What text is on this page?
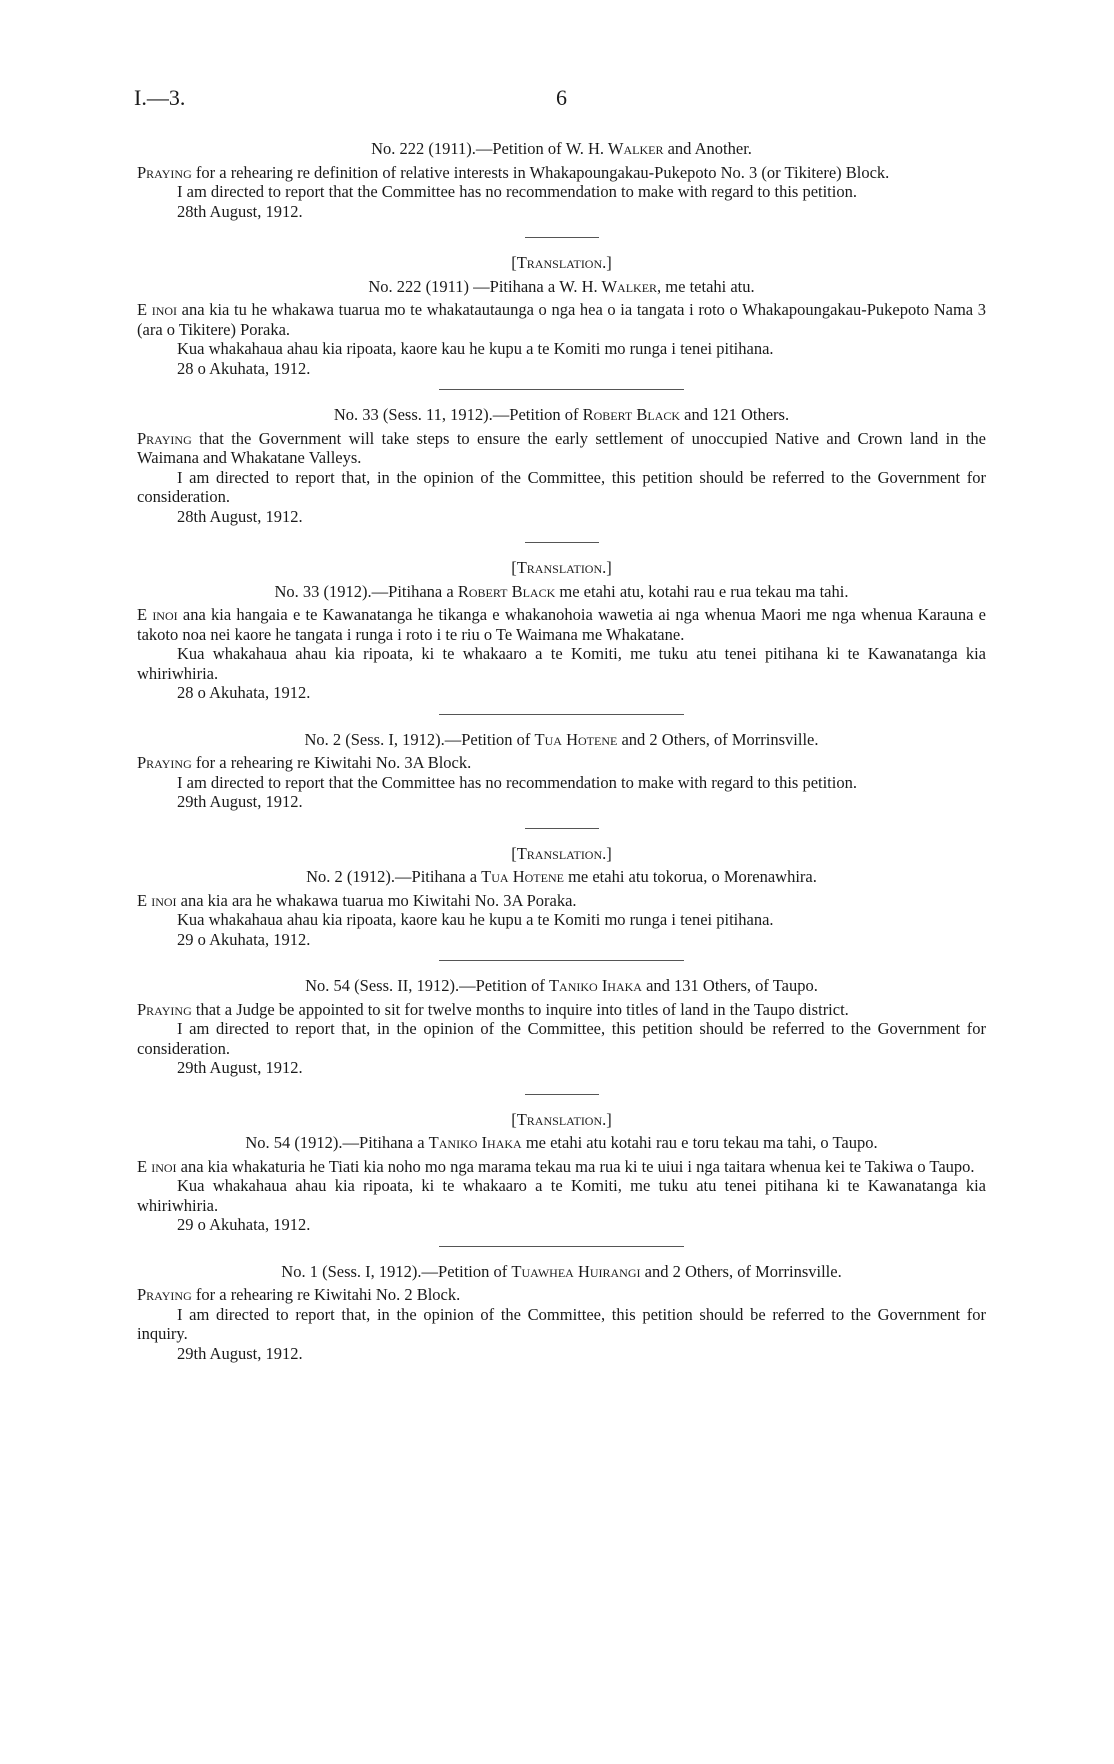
I.—3.	6

No. 222 (1911).—Petition of W. H. Walker and Another.

Praying for a rehearing re definition of relative interests in Whakapoungakau-Pukepoto No. 3 (or Tikitere) Block.

I am directed to report that the Committee has no recommendation to make with regard to this petition.

28th August, 1912.

[Translation.]

No. 222 (1911) —Pitihana a W. H. Walker, me tetahi atu.

E inoi ana kia tu he whakawa tuarua mo te whakatautaunga o nga hea o ia tangata i roto o Whakapoungakau-Pukepoto Nama 3 (ara o Tikitere) Poraka.

Kua whakahaua ahau kia ripoata, kaore kau he kupu a te Komiti mo runga i tenei pitihana.

28 o Akuhata, 1912.

No. 33 (Sess. 11, 1912).—Petition of Robert Black and 121 Others.

Praying that the Government will take steps to ensure the early settlement of unoccupied Native and Crown land in the Waimana and Whakatane Valleys.

I am directed to report that, in the opinion of the Committee, this petition should be referred to the Government for consideration.

28th August, 1912.

[Translation.]

No. 33 (1912).—Pitihana a Robert Black me etahi atu, kotahi rau e rua tekau ma tahi.

E inoi ana kia hangaia e te Kawanatanga he tikanga e whakanohoia wawetia ai nga whenua Maori me nga whenua Karauna e takoto noa nei kaore he tangata i runga i roto i te riu o Te Waimana me Whakatane.

Kua whakahaua ahau kia ripoata, ki te whakaaro a te Komiti, me tuku atu tenei pitihana ki te Kawanatanga kia whiriwhiria.

28 o Akuhata, 1912.

No. 2 (Sess. I, 1912).—Petition of Tua Hotene and 2 Others, of Morrinsville.

Praying for a rehearing re Kiwitahi No. 3A Block.

I am directed to report that the Committee has no recommendation to make with regard to this petition.

29th August, 1912.

[Translation.]

No. 2 (1912).—Pitihana a Tua Hotene me etahi atu tokorua, o Morenawhira.

E inoi ana kia ara he whakawa tuarua mo Kiwitahi No. 3A Poraka.

Kua whakahaua ahau kia ripoata, kaore kau he kupu a te Komiti mo runga i tenei pitihana.

29 o Akuhata, 1912.

No. 54 (Sess. II, 1912).—Petition of Taniko Ihaka and 131 Others, of Taupo.

Praying that a Judge be appointed to sit for twelve months to inquire into titles of land in the Taupo district.

I am directed to report that, in the opinion of the Committee, this petition should be referred to the Government for consideration.

29th August, 1912.

[Translation.]

No. 54 (1912).—Pitihana a Taniko Ihaka me etahi atu kotahi rau e toru tekau ma tahi, o Taupo.

E inoi ana kia whakaturia he Tiati kia noho mo nga marama tekau ma rua ki te uiui i nga taitara whenua kei te Takiwa o Taupo.

Kua whakahaua ahau kia ripoata, ki te whakaaro a te Komiti, me tuku atu tenei pitihana ki te Kawanatanga kia whiriwhiria.

29 o Akuhata, 1912.

No. 1 (Sess. I, 1912).—Petition of Tuawhea Huirangi and 2 Others, of Morrinsville.

Praying for a rehearing re Kiwitahi No. 2 Block.

I am directed to report that, in the opinion of the Committee, this petition should be referred to the Government for inquiry.

29th August, 1912.
